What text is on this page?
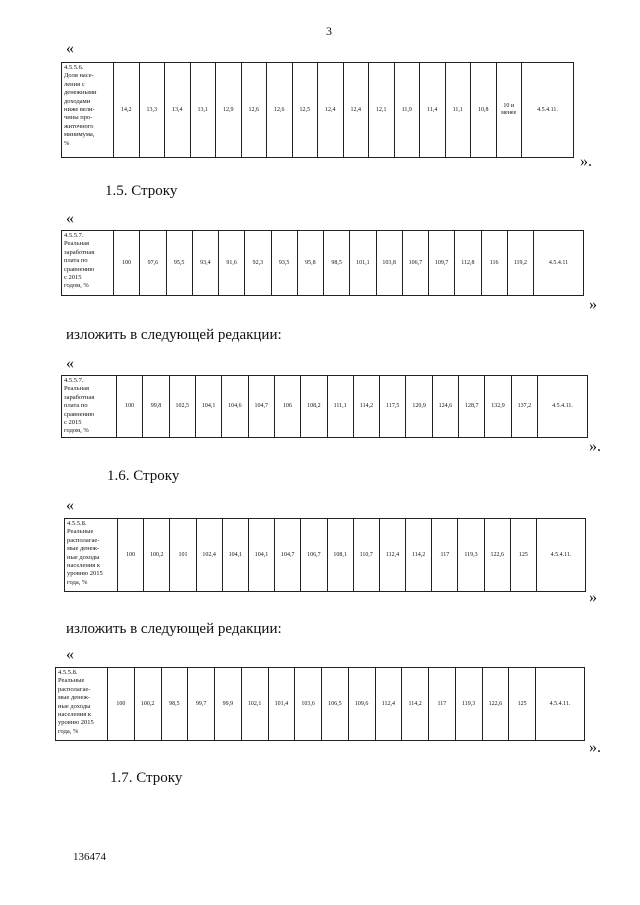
3
«
4.5.5.6.
Доля насе-
ления с
денежными
доходами
ниже вели-
чины про-
житочного
минимума,
%
	14,2	13,3	13,4	13,1	12,9	12,6	12,6	12,5	12,4	12,4	12,1	11,9	11,4	11,1	10,8	10 и менее	4.5.4.11.
».
1.5. Строку
«
4.5.5.7.
Реальная
заработная
плата по
сравнению
с 2015
годом, %
	100	97,6	95,5	93,4	91,6	92,3	93,5	95,8	98,5	101,1	103,8	106,7	109,7	112,8	116	119,2	4.5.4.11
»
изложить в следующей редакции:
«
4.5.5.7.
Реальная
заработная
плата по
сравнению
с 2015
годом, %
	100	99,8	102,5	104,1	104,6	104,7	106	108,2	111,1	114,2	117,5	120,9	124,6	128,7	132,9	137,2	4.5.4.11.
».
1.6. Строку
«
4.5.5.8.
Реальные
располагае-
мые денеж-
ные доходы
населения к
уровню 2015
года, %
	100	100,2	101	102,4	104,1	104,1	104,7	106,7	108,1	110,7	112,4	114,2	117	119,3	122,6	125	4.5.4.11.
»
изложить в следующей редакции:
«
4.5.5.8.
Реальные
располагае-
мые денеж-
ные доходы
населения к
уровню 2015
года, %
	100	100,2	98,5	99,7	99,9	102,1	101,4	103,6	106,5	109,6	112,4	114,2	117	119,3	122,6	125	4.5.4.11.
».
1.7. Строку
136474
